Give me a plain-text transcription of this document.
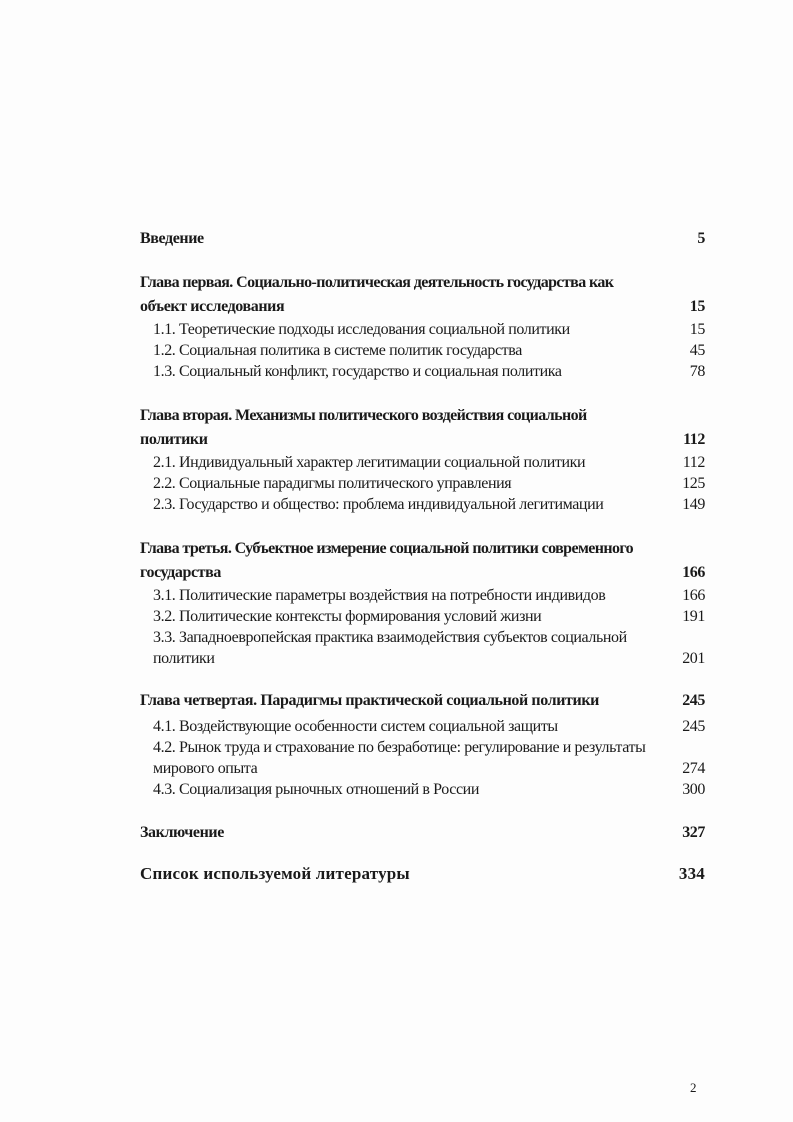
Введение	5
Глава первая. Социально-политическая деятельность государства как
объект исследования	15
1.1. Теоретические подходы исследования социальной политики	15
1.2. Социальная политика в системе политик государства	45
1.3. Социальный конфликт, государство и социальная политика	78
Глава вторая. Механизмы политического воздействия социальной
политики	112
2.1. Индивидуальный характер легитимации социальной политики	112
2.2. Социальные парадигмы политического управления	125
2.3. Государство и общество: проблема индивидуальной легитимации	149
Глава третья. Субъектное измерение социальной политики современного
государства	166
3.1. Политические параметры воздействия на потребности индивидов	166
3.2. Политические контексты формирования условий жизни	191
3.3. Западноевропейская практика взаимодействия субъектов социальной
политики	201
Глава четвертая. Парадигмы практической социальной политики	245
4.1. Воздействующие особенности систем социальной защиты	245
4.2. Рынок труда и страхование по безработице: регулирование и результаты
мирового опыта	274
4.3. Социализация рыночных отношений в России	300
Заключение	327
Список используемой литературы	334
2
